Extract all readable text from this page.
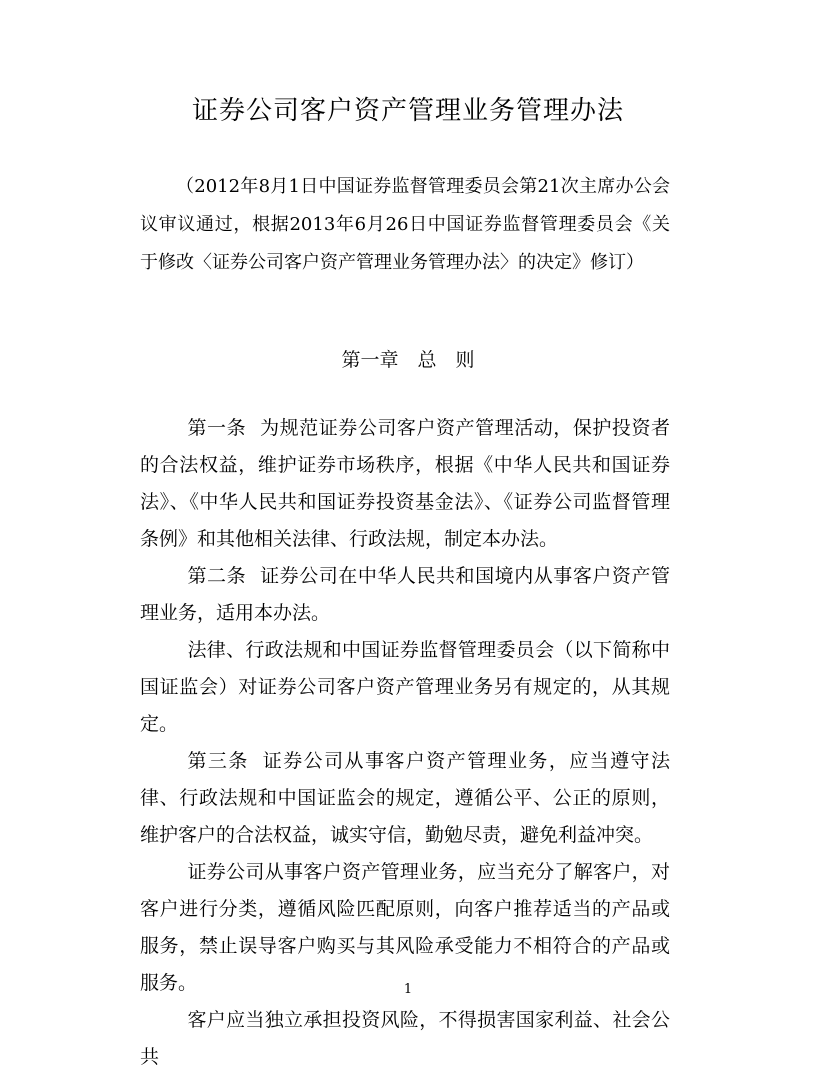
证券公司客户资产管理业务管理办法

（2012年8月1日中国证券监督管理委员会第21次主席办公会议审议通过，根据2013年6月26日中国证券监督管理委员会《关于修改〈证券公司客户资产管理业务管理办法〉的决定》修订）

第一章　总　则

第一条 为规范证券公司客户资产管理活动，保护投资者的合法权益，维护证券市场秩序，根据《中华人民共和国证券法》、《中华人民共和国证券投资基金法》、《证券公司监督管理条例》和其他相关法律、行政法规，制定本办法。

第二条 证券公司在中华人民共和国境内从事客户资产管理业务，适用本办法。

法律、行政法规和中国证券监督管理委员会（以下简称中国证监会）对证券公司客户资产管理业务另有规定的，从其规定。

第三条 证券公司从事客户资产管理业务，应当遵守法律、行政法规和中国证监会的规定，遵循公平、公正的原则，维护客户的合法权益，诚实守信，勤勉尽责，避免利益冲突。

证券公司从事客户资产管理业务，应当充分了解客户，对客户进行分类，遵循风险匹配原则，向客户推荐适当的产品或服务，禁止误导客户购买与其风险承受能力不相符合的产品或服务。

客户应当独立承担投资风险，不得损害国家利益、社会公共

1
